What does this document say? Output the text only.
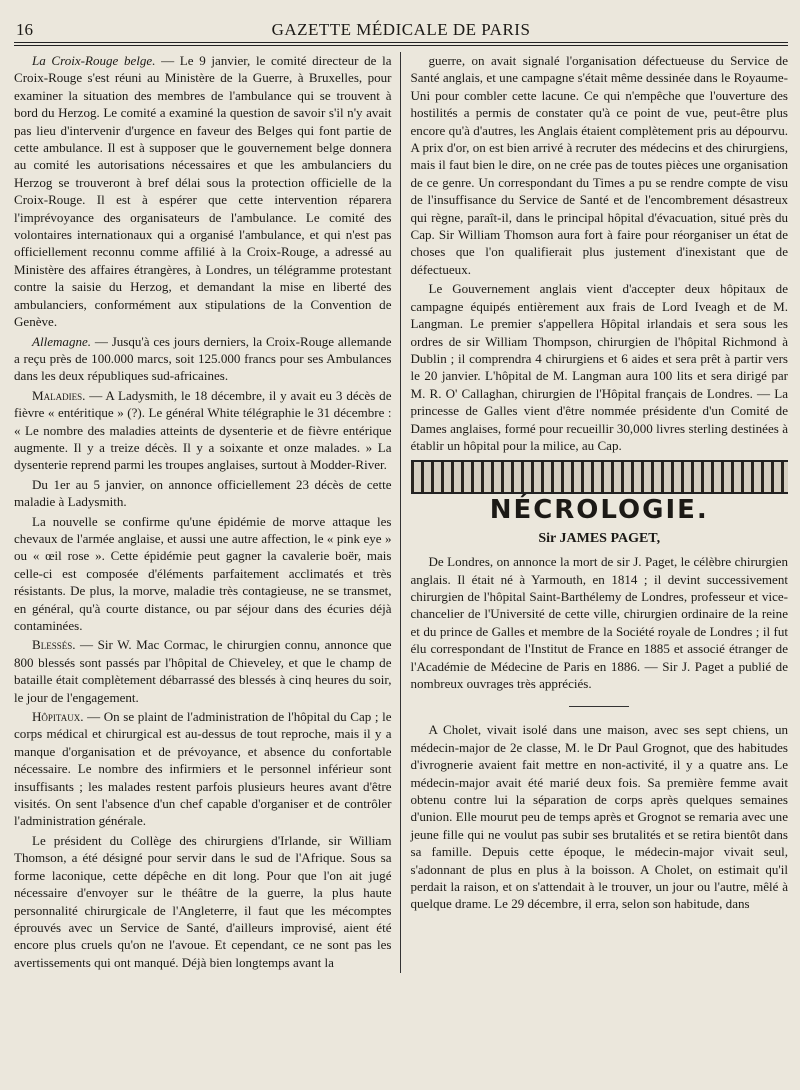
16	GAZETTE MÉDICALE DE PARIS

La Croix-Rouge belge. — Le 9 janvier, le comité directeur de la Croix-Rouge s'est réuni au Ministère de la Guerre, à Bruxelles, pour examiner la situation des membres de l'ambulance qui se trouvent à bord du Herzog. Le comité a examiné la question de savoir s'il n'y avait pas lieu d'intervenir d'urgence en faveur des Belges qui font partie de cette ambulance. Il est à supposer que le gouvernement belge donnera au comité les autorisations nécessaires et que les ambulanciers du Herzog se trouveront à bref délai sous la protection officielle de la Croix-Rouge. Il est à espérer que cette intervention réparera l'imprévoyance des organisateurs de l'ambulance. Le comité des volontaires internationaux qui a organisé l'ambulance, et qui n'est pas officiellement reconnu comme affilié à la Croix-Rouge, a adressé au Ministère des affaires étrangères, à Londres, un télégramme protestant contre la saisie du Herzog, et demandant la mise en liberté des ambulanciers, conformément aux stipulations de la Convention de Genève.

Allemagne. — Jusqu'à ces jours derniers, la Croix-Rouge allemande a reçu près de 100.000 marcs, soit 125.000 francs pour ses Ambulances dans les deux républiques sud-africaines.

Maladies. — A Ladysmith, le 18 décembre, il y avait eu 3 décès de fièvre « entéritique » (?). Le général White télégraphie le 31 décembre : « Le nombre des maladies atteints de dysenterie et de fièvre entérique augmente. Il y a treize décès. Il y a soixante et onze malades. » La dysenterie reprend parmi les troupes anglaises, surtout à Modder-River.

Du 1er au 5 janvier, on annonce officiellement 23 décès de cette maladie à Ladysmith.

La nouvelle se confirme qu'une épidémie de morve attaque les chevaux de l'armée anglaise, et aussi une autre affection, le « pink eye » ou « œil rose ». Cette épidémie peut gagner la cavalerie boër, mais celle-ci est composée d'éléments parfaitement acclimatés et très résistants. De plus, la morve, maladie très contagieuse, ne se transmet, en général, qu'à courte distance, ou par séjour dans des écuries déjà contaminées.

Blessés. — Sir W. Mac Cormac, le chirurgien connu, annonce que 800 blessés sont passés par l'hôpital de Chieveley, et que le champ de bataille était complètement débarrassé des blessés à cinq heures du soir, le jour de l'engagement.

Hôpitaux. — On se plaint de l'administration de l'hôpital du Cap ; le corps médical et chirurgical est au-dessus de tout reproche, mais il y a manque d'organisation et de prévoyance, et absence du confortable nécessaire. Le nombre des infirmiers et le personnel inférieur sont insuffisants ; les malades restent parfois plusieurs heures avant d'être visités. On sent l'absence d'un chef capable d'organiser et de contrôler l'administration générale.

Le président du Collège des chirurgiens d'Irlande, sir William Thomson, a été désigné pour servir dans le sud de l'Afrique. Sous sa forme laconique, cette dépêche en dit long. Pour que l'on ait jugé nécessaire d'envoyer sur le théâtre de la guerre, la plus haute personnalité chirurgicale de l'Angleterre, il faut que les mécomptes éprouvés avec un Service de Santé, d'ailleurs improvisé, aient été encore plus cruels qu'on ne l'avoue. Et cependant, ce ne sont pas les avertissements qui ont manqué. Déjà bien longtemps avant la

guerre, on avait signalé l'organisation défectueuse du Service de Santé anglais, et une campagne s'était même dessinée dans le Royaume-Uni pour combler cette lacune. Ce qui n'empêche que l'ouverture des hostilités a permis de constater qu'à ce point de vue, peut-être plus encore qu'à d'autres, les Anglais étaient complètement pris au dépourvu. A prix d'or, on est bien arrivé à recruter des médecins et des chirurgiens, mais il faut bien le dire, on ne crée pas de toutes pièces une organisation de ce genre. Un correspondant du Times a pu se rendre compte de visu de l'insuffisance du Service de Santé et de l'encombrement désastreux qui règne, paraît-il, dans le principal hôpital d'évacuation, situé près du Cap. Sir William Thomson aura fort à faire pour réorganiser un état de choses que l'on qualifierait plus justement d'inexistant que de défectueux.

Le Gouvernement anglais vient d'accepter deux hôpitaux de campagne équipés entièrement aux frais de Lord Iveagh et de M. Langman. Le premier s'appellera Hôpital irlandais et sera sous les ordres de sir William Thompson, chirurgien de l'hôpital Richmond à Dublin ; il comprendra 4 chirurgiens et 6 aides et sera prêt à partir vers le 20 janvier. L'hôpital de M. Langman aura 100 lits et sera dirigé par M. R. O' Callaghan, chirurgien de l'Hôpital français de Londres. — La princesse de Galles vient d'être nommée présidente d'un Comité de Dames anglaises, formé pour recueillir 30,000 livres sterling destinées à établir un hôpital pour la milice, au Cap.

NÉCROLOGIE.
Sir JAMES PAGET,

De Londres, on annonce la mort de sir J. Paget, le célèbre chirurgien anglais. Il était né à Yarmouth, en 1814 ; il devint successivement chirurgien de l'hôpital Saint-Barthélemy de Londres, professeur et vice-chancelier de l'Université de cette ville, chirurgien ordinaire de la reine et du prince de Galles et membre de la Société royale de Londres ; il fut élu correspondant de l'Institut de France en 1885 et associé étranger de l'Académie de Médecine de Paris en 1886. — Sir J. Paget a publié de nombreux ouvrages très appréciés.

A Cholet, vivait isolé dans une maison, avec ses sept chiens, un médecin-major de 2e classe, M. le Dr Paul Grognot, que des habitudes d'ivrognerie avaient fait mettre en non-activité, il y a quatre ans. Le médecin-major avait été marié deux fois. Sa première femme avait obtenu contre lui la séparation de corps après quelques semaines d'union. Elle mourut peu de temps après et Grognot se remaria avec une jeune fille qui ne voulut pas subir ses brutalités et se retira bientôt dans sa famille. Depuis cette époque, le médecin-major vivait seul, s'adonnant de plus en plus à la boisson. A Cholet, on estimait qu'il perdait la raison, et on s'attendait à le trouver, un jour ou l'autre, mêlé à quelque drame. Le 29 décembre, il erra, selon son habitude, dans
